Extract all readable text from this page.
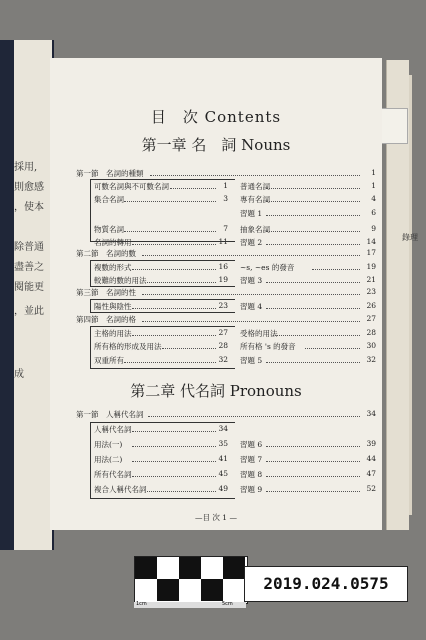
錄理
採用,
則愈感
，使本
除普通
盡善之
閱能更
，並此
成
目　次 Contents
第一章 名　詞 Nouns
第一節　名詞的種類	1
第二節　名詞的數	17
第三節　名詞的性	23
第四節　名詞的格	27
第二章 代名詞 Pronouns
第一節　人稱代名詞	34
—目 次 1 —
可數名詞與不可數名詞	1 普通名詞	1
集合名詞	3 專有名詞	4
習題 1	6
物質名詞	7 抽象名詞	9
名詞的轉用	11 習題 2	14
複數的形式	16 ~s, ~es 的發音	19
較難的數的用法	19 習題 3	21
陽性與陰性	23 習題 4	26
主格的用法	27 受格的用法	28
所有格的形成及用法	28 所有格 's 的發音	30
双重所有	32 習題 5	32
人稱代名詞	34
用法(一)	35 習題 6	39
用法(二)	41 習題 7	44
所有代名詞	45 習題 8	47
複合人稱代名詞	49 習題 9	52
1cm	5cm
2019.024.0575
